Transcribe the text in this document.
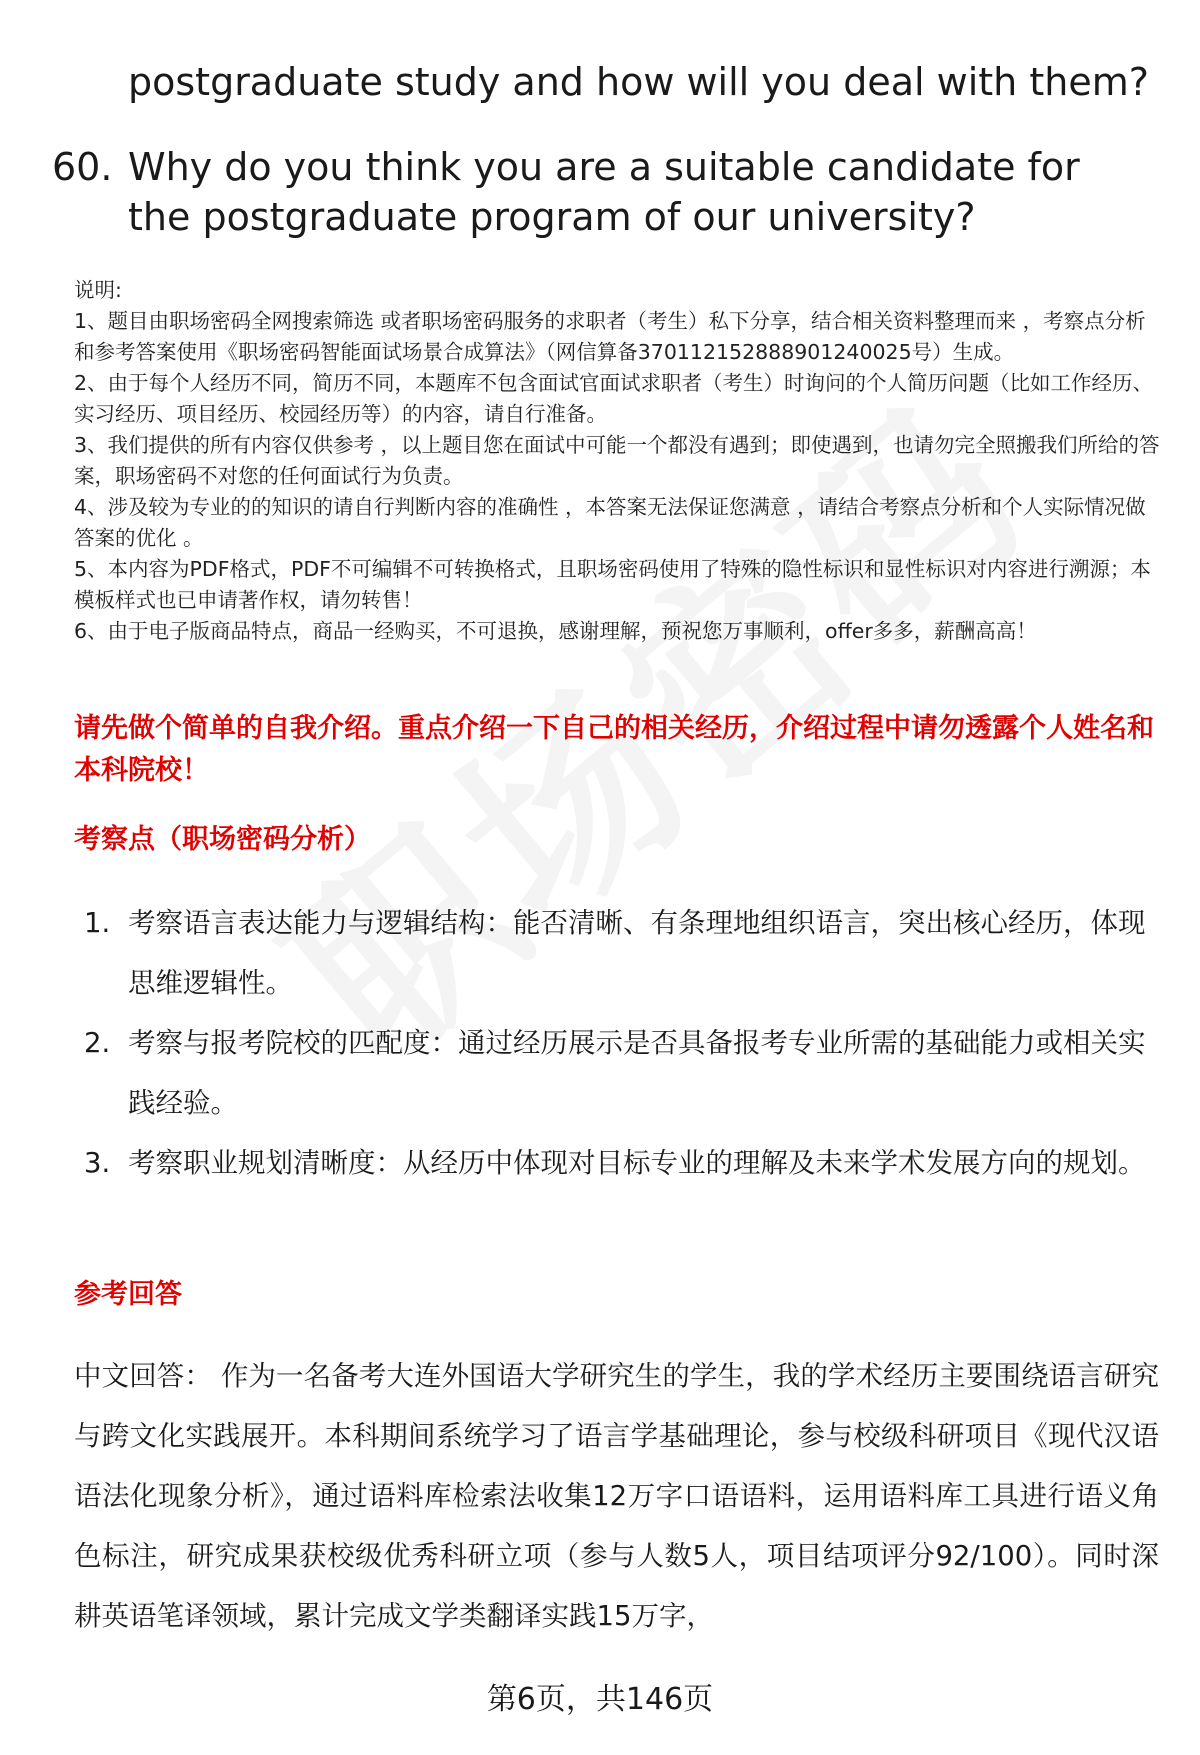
postgraduate study and how will you deal with them?
60. Why do you think you are a suitable candidate for the postgraduate program of our university?

说明:

1、题目由职场密码全网搜索筛选 或者职场密码服务的求职者（考生）私下分享，结合相关资料整理而来 ，考察点分析和参考答案使用《职场密码智能面试场景合成算法》（网信算备370112152888901240025号）生成。

2、由于每个人经历不同，简历不同，本题库不包含面试官面试求职者（考生）时询问的个人简历问题（比如工作经历、实习经历、项目经历、校园经历等）的内容，请自行准备。

3、我们提供的所有内容仅供参考 ，以上题目您在面试中可能一个都没有遇到；即使遇到，也请勿完全照搬我们所给的答案，职场密码不对您的任何面试行为负责。

4、涉及较为专业的的知识的请自行判断内容的准确性 ，本答案无法保证您满意 ，请结合考察点分析和个人实际情况做答案的优化 。

5、本内容为PDF格式，PDF不可编辑不可转换格式，且职场密码使用了特殊的隐性标识和显性标识对内容进行溯源；本模板样式也已申请著作权，请勿转售！

6、由于电子版商品特点，商品一经购买，不可退换，感谢理解，预祝您万事顺利，offer多多，薪酬高高！

请先做个简单的自我介绍。重点介绍一下自己的相关经历，介绍过程中请勿透露个人姓名和本科院校！
考察点（职场密码分析）
1. 考察语言表达能力与逻辑结构：能否清晰、有条理地组织语言，突出核心经历，体现思维逻辑性。
2. 考察与报考院校的匹配度：通过经历展示是否具备报考专业所需的基础能力或相关实践经验。
3. 考察职业规划清晰度：从经历中体现对目标专业的理解及未来学术发展方向的规划。
参考回答
中文回答： 作为一名备考大连外国语大学研究生的学生，我的学术经历主要围绕语言研究与跨文化实践展开。本科期间系统学习了语言学基础理论，参与校级科研项目《现代汉语语法化现象分析》，通过语料库检索法收集12万字口语语料，运用语料库工具进行语义角色标注，研究成果获校级优秀科研立项（参与人数5人，项目结项评分92/100）。同时深耕英语笔译领域，累计完成文学类翻译实践15万字，
第6页，共146页
